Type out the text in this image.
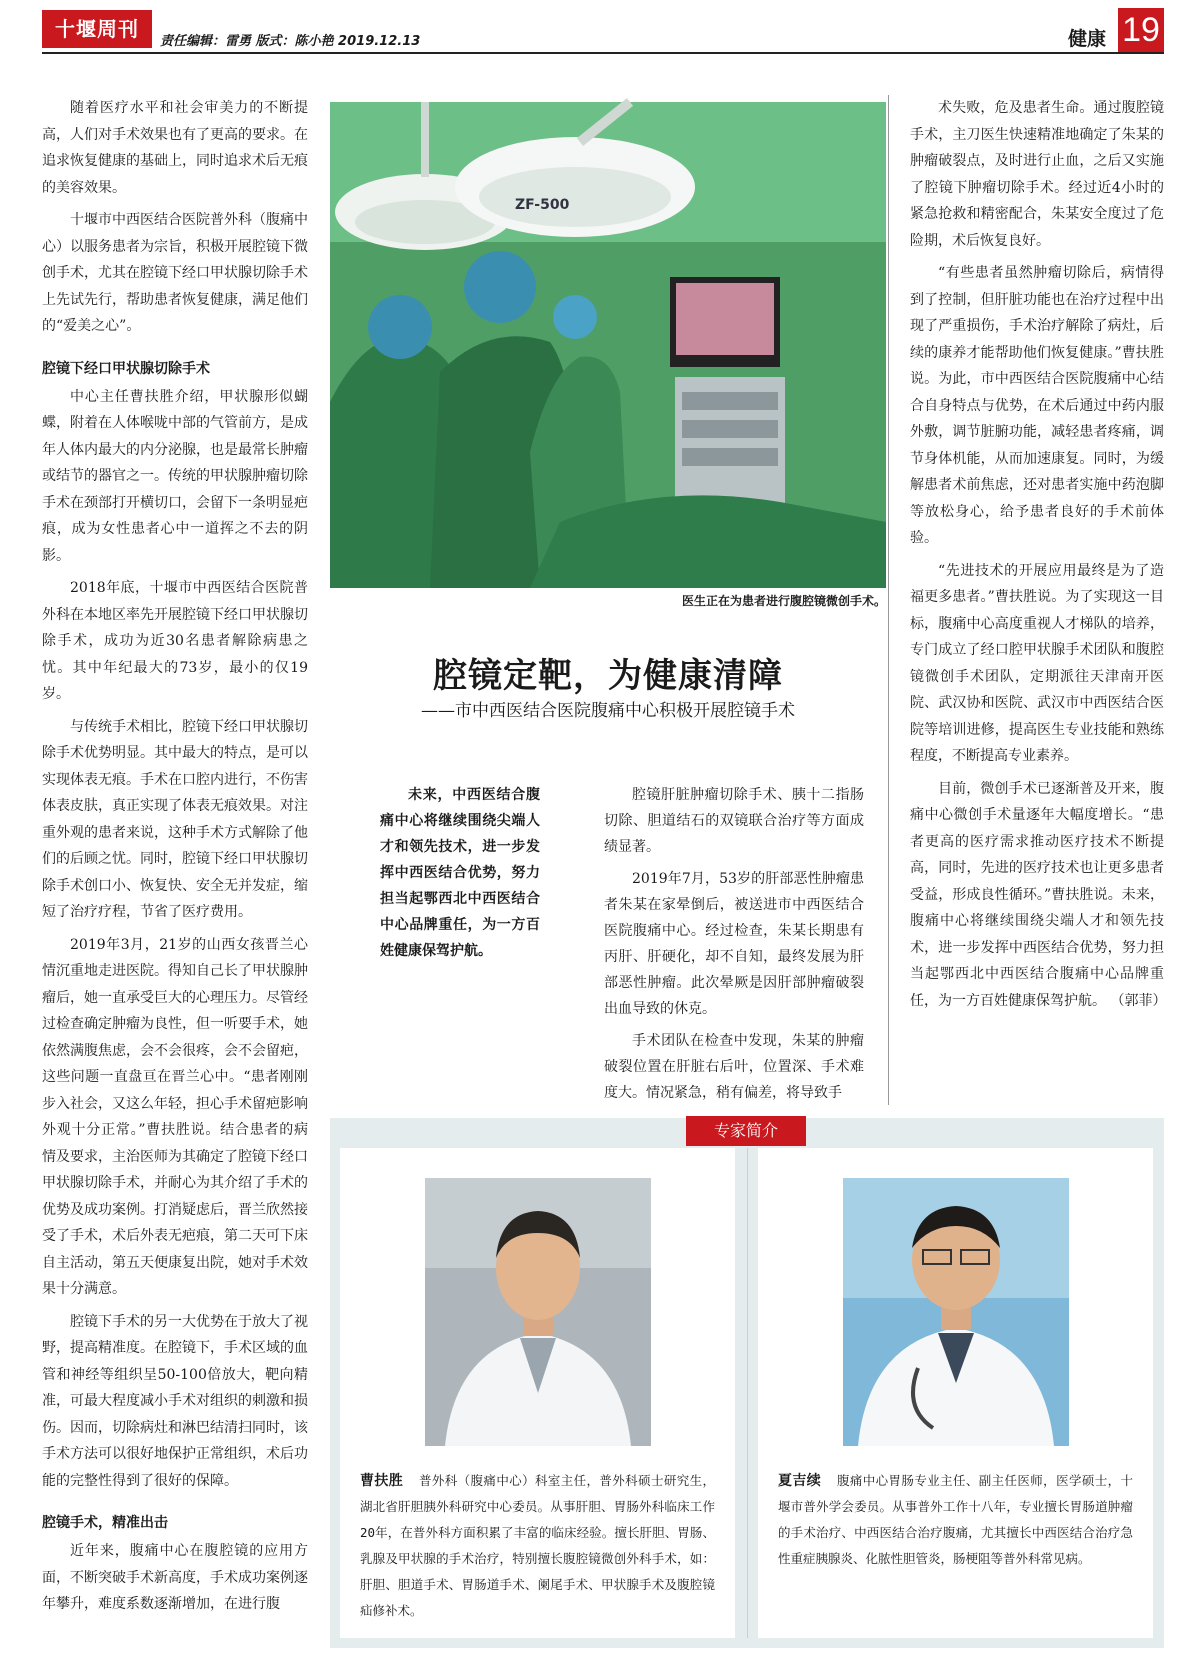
十堰周刊
责任编辑：雷勇 版式：陈小艳 2019.12.13	健康 19

随着医疗水平和社会审美力的不断提高，人们对手术效果也有了更高的要求。在追求恢复健康的基础上，同时追求术后无痕的美容效果。

十堰市中西医结合医院普外科（腹痛中心）以服务患者为宗旨，积极开展腔镜下微创手术，尤其在腔镜下经口甲状腺切除手术上先试先行，帮助患者恢复健康，满足他们的“爱美之心”。

腔镜下经口甲状腺切除手术

中心主任曹扶胜介绍，甲状腺形似蝴蝶，附着在人体喉咙中部的气管前方，是成年人体内最大的内分泌腺，也是最常长肿瘤或结节的器官之一。传统的甲状腺肿瘤切除手术在颈部打开横切口，会留下一条明显疤痕，成为女性患者心中一道挥之不去的阴影。

2018年底，十堰市中西医结合医院普外科在本地区率先开展腔镜下经口甲状腺切除手术，成功为近30名患者解除病患之忧。其中年纪最大的73岁，最小的仅19岁。

与传统手术相比，腔镜下经口甲状腺切除手术优势明显。其中最大的特点，是可以实现体表无痕。手术在口腔内进行，不伤害体表皮肤，真正实现了体表无痕效果。对注重外观的患者来说，这种手术方式解除了他们的后顾之忧。同时，腔镜下经口甲状腺切除手术创口小、恢复快、安全无并发症，缩短了治疗疗程，节省了医疗费用。

2019年3月，21岁的山西女孩晋兰心情沉重地走进医院。得知自己长了甲状腺肿瘤后，她一直承受巨大的心理压力。尽管经过检查确定肿瘤为良性，但一听要手术，她依然满腹焦虑，会不会很疼，会不会留疤，这些问题一直盘亘在晋兰心中。“患者刚刚步入社会，又这么年轻，担心手术留疤影响外观十分正常。”曹扶胜说。结合患者的病情及要求，主治医师为其确定了腔镜下经口甲状腺切除手术，并耐心为其介绍了手术的优势及成功案例。打消疑虑后，晋兰欣然接受了手术，术后外表无疤痕，第二天可下床自主活动，第五天便康复出院，她对手术效果十分满意。

腔镜下手术的另一大优势在于放大了视野，提高精准度。在腔镜下，手术区域的血管和神经等组织呈50-100倍放大，靶向精准，可最大程度减小手术对组织的刺激和损伤。因而，切除病灶和淋巴结清扫同时，该手术方法可以很好地保护正常组织，术后功能的完整性得到了很好的保障。

腔镜手术，精准出击

近年来，腹痛中心在腹腔镜的应用方面，不断突破手术新高度，手术成功案例逐年攀升，难度系数逐渐增加，在进行腹

ZF-500
医生正在为患者进行腹腔镜微创手术。
腔镜定靶，为健康清障
——市中西医结合医院腹痛中心积极开展腔镜手术
未来，中西医结合腹痛中心将继续围绕尖端人才和领先技术，进一步发挥中西医结合优势，努力担当起鄂西北中西医结合中心品牌重任，为一方百姓健康保驾护航。

腔镜肝脏肿瘤切除手术、胰十二指肠切除、胆道结石的双镜联合治疗等方面成绩显著。

2019年7月，53岁的肝部恶性肿瘤患者朱某在家晕倒后，被送进市中西医结合医院腹痛中心。经过检查，朱某长期患有丙肝、肝硬化，却不自知，最终发展为肝部恶性肿瘤。此次晕厥是因肝部肿瘤破裂出血导致的休克。

手术团队在检查中发现，朱某的肿瘤破裂位置在肝脏右后叶，位置深、手术难度大。情况紧急，稍有偏差，将导致手

术失败，危及患者生命。通过腹腔镜手术，主刀医生快速精准地确定了朱某的肿瘤破裂点，及时进行止血，之后又实施了腔镜下肿瘤切除手术。经过近4小时的紧急抢救和精密配合，朱某安全度过了危险期，术后恢复良好。

“有些患者虽然肿瘤切除后，病情得到了控制，但肝脏功能也在治疗过程中出现了严重损伤，手术治疗解除了病灶，后续的康养才能帮助他们恢复健康。”曹扶胜说。为此，市中西医结合医院腹痛中心结合自身特点与优势，在术后通过中药内服外敷，调节脏腑功能，减轻患者疼痛，调节身体机能，从而加速康复。同时，为缓解患者术前焦虑，还对患者实施中药泡脚等放松身心，给予患者良好的手术前体验。

“先进技术的开展应用最终是为了造福更多患者。”曹扶胜说。为了实现这一目标，腹痛中心高度重视人才梯队的培养，专门成立了经口腔甲状腺手术团队和腹腔镜微创手术团队，定期派往天津南开医院、武汉协和医院、武汉市中西医结合医院等培训进修，提高医生专业技能和熟练程度，不断提高专业素养。

目前，微创手术已逐渐普及开来，腹痛中心微创手术量逐年大幅度增长。“患者更高的医疗需求推动医疗技术不断提高，同时，先进的医疗技术也让更多患者受益，形成良性循环。”曹扶胜说。未来，腹痛中心将继续围绕尖端人才和领先技术，进一步发挥中西医结合优势，努力担当起鄂西北中西医结合腹痛中心品牌重任，为一方百姓健康保驾护航。 （郭菲）

专家简介
曹扶胜 普外科（腹痛中心）科室主任，普外科硕士研究生，湖北省肝胆胰外科研究中心委员。从事肝胆、胃肠外科临床工作20年，在普外科方面积累了丰富的临床经验。擅长肝胆、胃肠、乳腺及甲状腺的手术治疗，特别擅长腹腔镜微创外科手术，如：肝胆、胆道手术、胃肠道手术、阑尾手术、甲状腺手术及腹腔镜疝修补术。
夏吉续 腹痛中心胃肠专业主任、副主任医师，医学硕士，十堰市普外学会委员。从事普外工作十八年，专业擅长胃肠道肿瘤的手术治疗、中西医结合治疗腹痛，尤其擅长中西医结合治疗急性重症胰腺炎、化脓性胆管炎，肠梗阻等普外科常见病。
